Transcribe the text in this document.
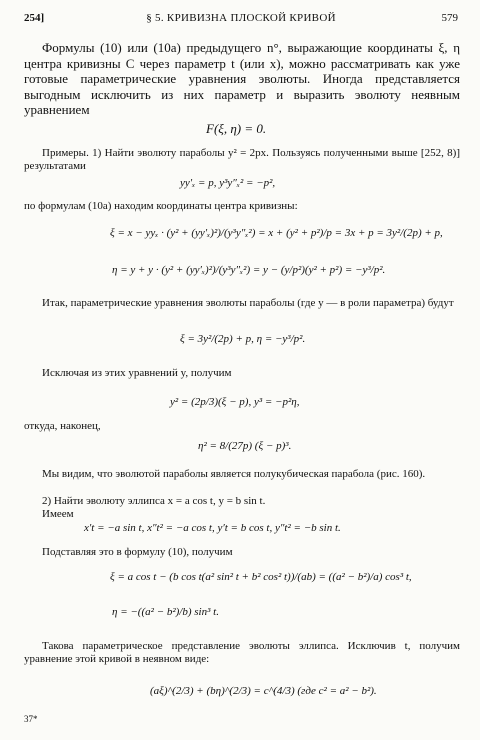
254]	§ 5. КРИВИЗНА ПЛОСКОЙ КРИВОЙ	579
Формулы (10) или (10a) предыдущего n°, выражающие координаты ξ, η центра кривизны C через параметр t (или x), можно рассматривать как уже готовые параметрические уравнения эволюты. Иногда представляется выгодным исключить из них параметр и выразить эволюту неявным уравнением
F(ξ, η) = 0.
Примеры. 1) Найти эволюту параболы y² = 2px. Пользуясь полученными выше [252, 8)] результатами
yy′ₓ = p, y³y″ₓ² = −p²,
по формулам (10a) находим координаты центра кривизны:
ξ = x − yyₓ · (y² + (yy′ₓ)²)/(y³y″ₓ²) = x + (y² + p²)/p = 3x + p = 3y²/(2p) + p,
η = y + y · (y² + (yy′ₓ)²)/(y³y″ₓ²) = y − (y/p²)(y² + p²) = −y³/p².
Итак, параметрические уравнения эволюты параболы (где y — в роли параметра) будут
ξ = 3y²/(2p) + p, η = −y³/p².
Исключая из этих уравнений y, получим
y² = (2p/3)(ξ − p), y³ = −p²η,
откуда, наконец,
η² = 8/(27p) (ξ − p)³.
Мы видим, что эволютой параболы является полукубическая парабола (рис. 160).
2) Найти эволюту эллипса x = a cos t, y = b sin t.
Имеем
x′t = −a sin t, x″t² = −a cos t, y′t = b cos t, y″t² = −b sin t.
Подставляя это в формулу (10), получим
ξ = a cos t − (b cos t(a² sin² t + b² cos² t))/(ab) = ((a² − b²)/a) cos³ t,
η = −((a² − b²)/b) sin³ t.
Такова параметрическое представление эволюты эллипса. Исключив t, получим уравнение этой кривой в неявном виде:
(aξ)^(2/3) + (bη)^(2/3) = c^(4/3) (где c² = a² − b²).
37*
